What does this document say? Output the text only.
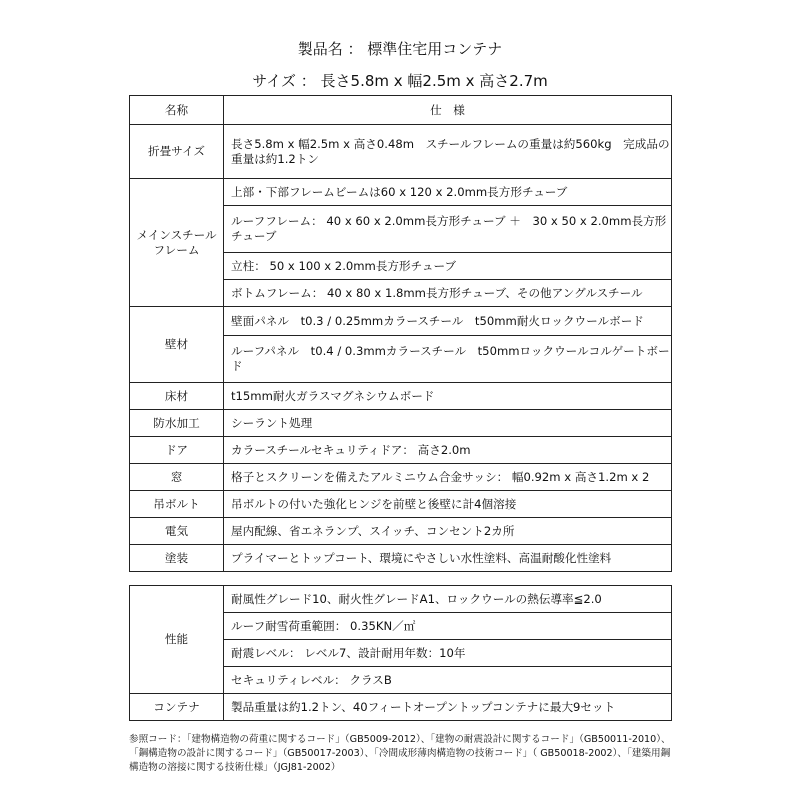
製品名 ： 標準住宅用コンテナ
サイズ ： 長さ5.8m x 幅2.5m x 高さ2.7m
名称	仕　様
折畳サイズ	長さ5.8m x 幅2.5m x 高さ0.48m　スチールフレームの重量は約560kg　完成品の重量は約1.2トン
メインスチール
フレーム	上部・下部フレームビームは60 x 120 x 2.0mm長方形チューブ
	ルーフフレーム： 40 x 60 x 2.0mm長方形チューブ ＋　30 x 50 x 2.0mm長方形チューブ
	立柱： 50 x 100 x 2.0mm長方形チューブ
	ボトムフレーム： 40 x 80 x 1.8mm長方形チューブ、その他アングルスチール
壁材	壁面パネル　t0.3 / 0.25mmカラースチール　t50mm耐火ロックウールボード
	ルーフパネル　t0.4 / 0.3mmカラースチール　t50mmロックウールコルゲートボード
床材	t15mm耐火ガラスマグネシウムボード
防水加工	シーラント処理
ドア	カラースチールセキュリティドア： 高さ2.0m
窓	格子とスクリーンを備えたアルミニウム合金サッシ： 幅0.92m x 高さ1.2m x 2
吊ボルト	吊ボルトの付いた強化ヒンジを前壁と後壁に計4個溶接
電気	屋内配線、省エネランプ、スイッチ、コンセント2カ所
塗装	プライマーとトップコート、環境にやさしい水性塗料、高温耐酸化性塗料
性能	耐風性グレード10、耐火性グレードA1、ロックウールの熱伝導率≦2.0
	ルーフ耐雪荷重範囲： 0.35KN／㎡
	耐震レベル： レベル7、設計耐用年数：10年
	セキュリティレベル： クラスB
コンテナ	製品重量は約1.2トン、40フィートオープントップコンテナに最大9セット
参照コード：「建物構造物の荷重に関するコード」（GB5009-2012）、「建物の耐震設計に関するコード」（GB50011-2010）、「鋼構造物の設計に関するコード」（GB50017-2003）、「冷間成形薄肉構造物の技術コード」（ GB50018-2002）、「建築用鋼構造物の溶接に関する技術仕様」（JGJ81-2002）
